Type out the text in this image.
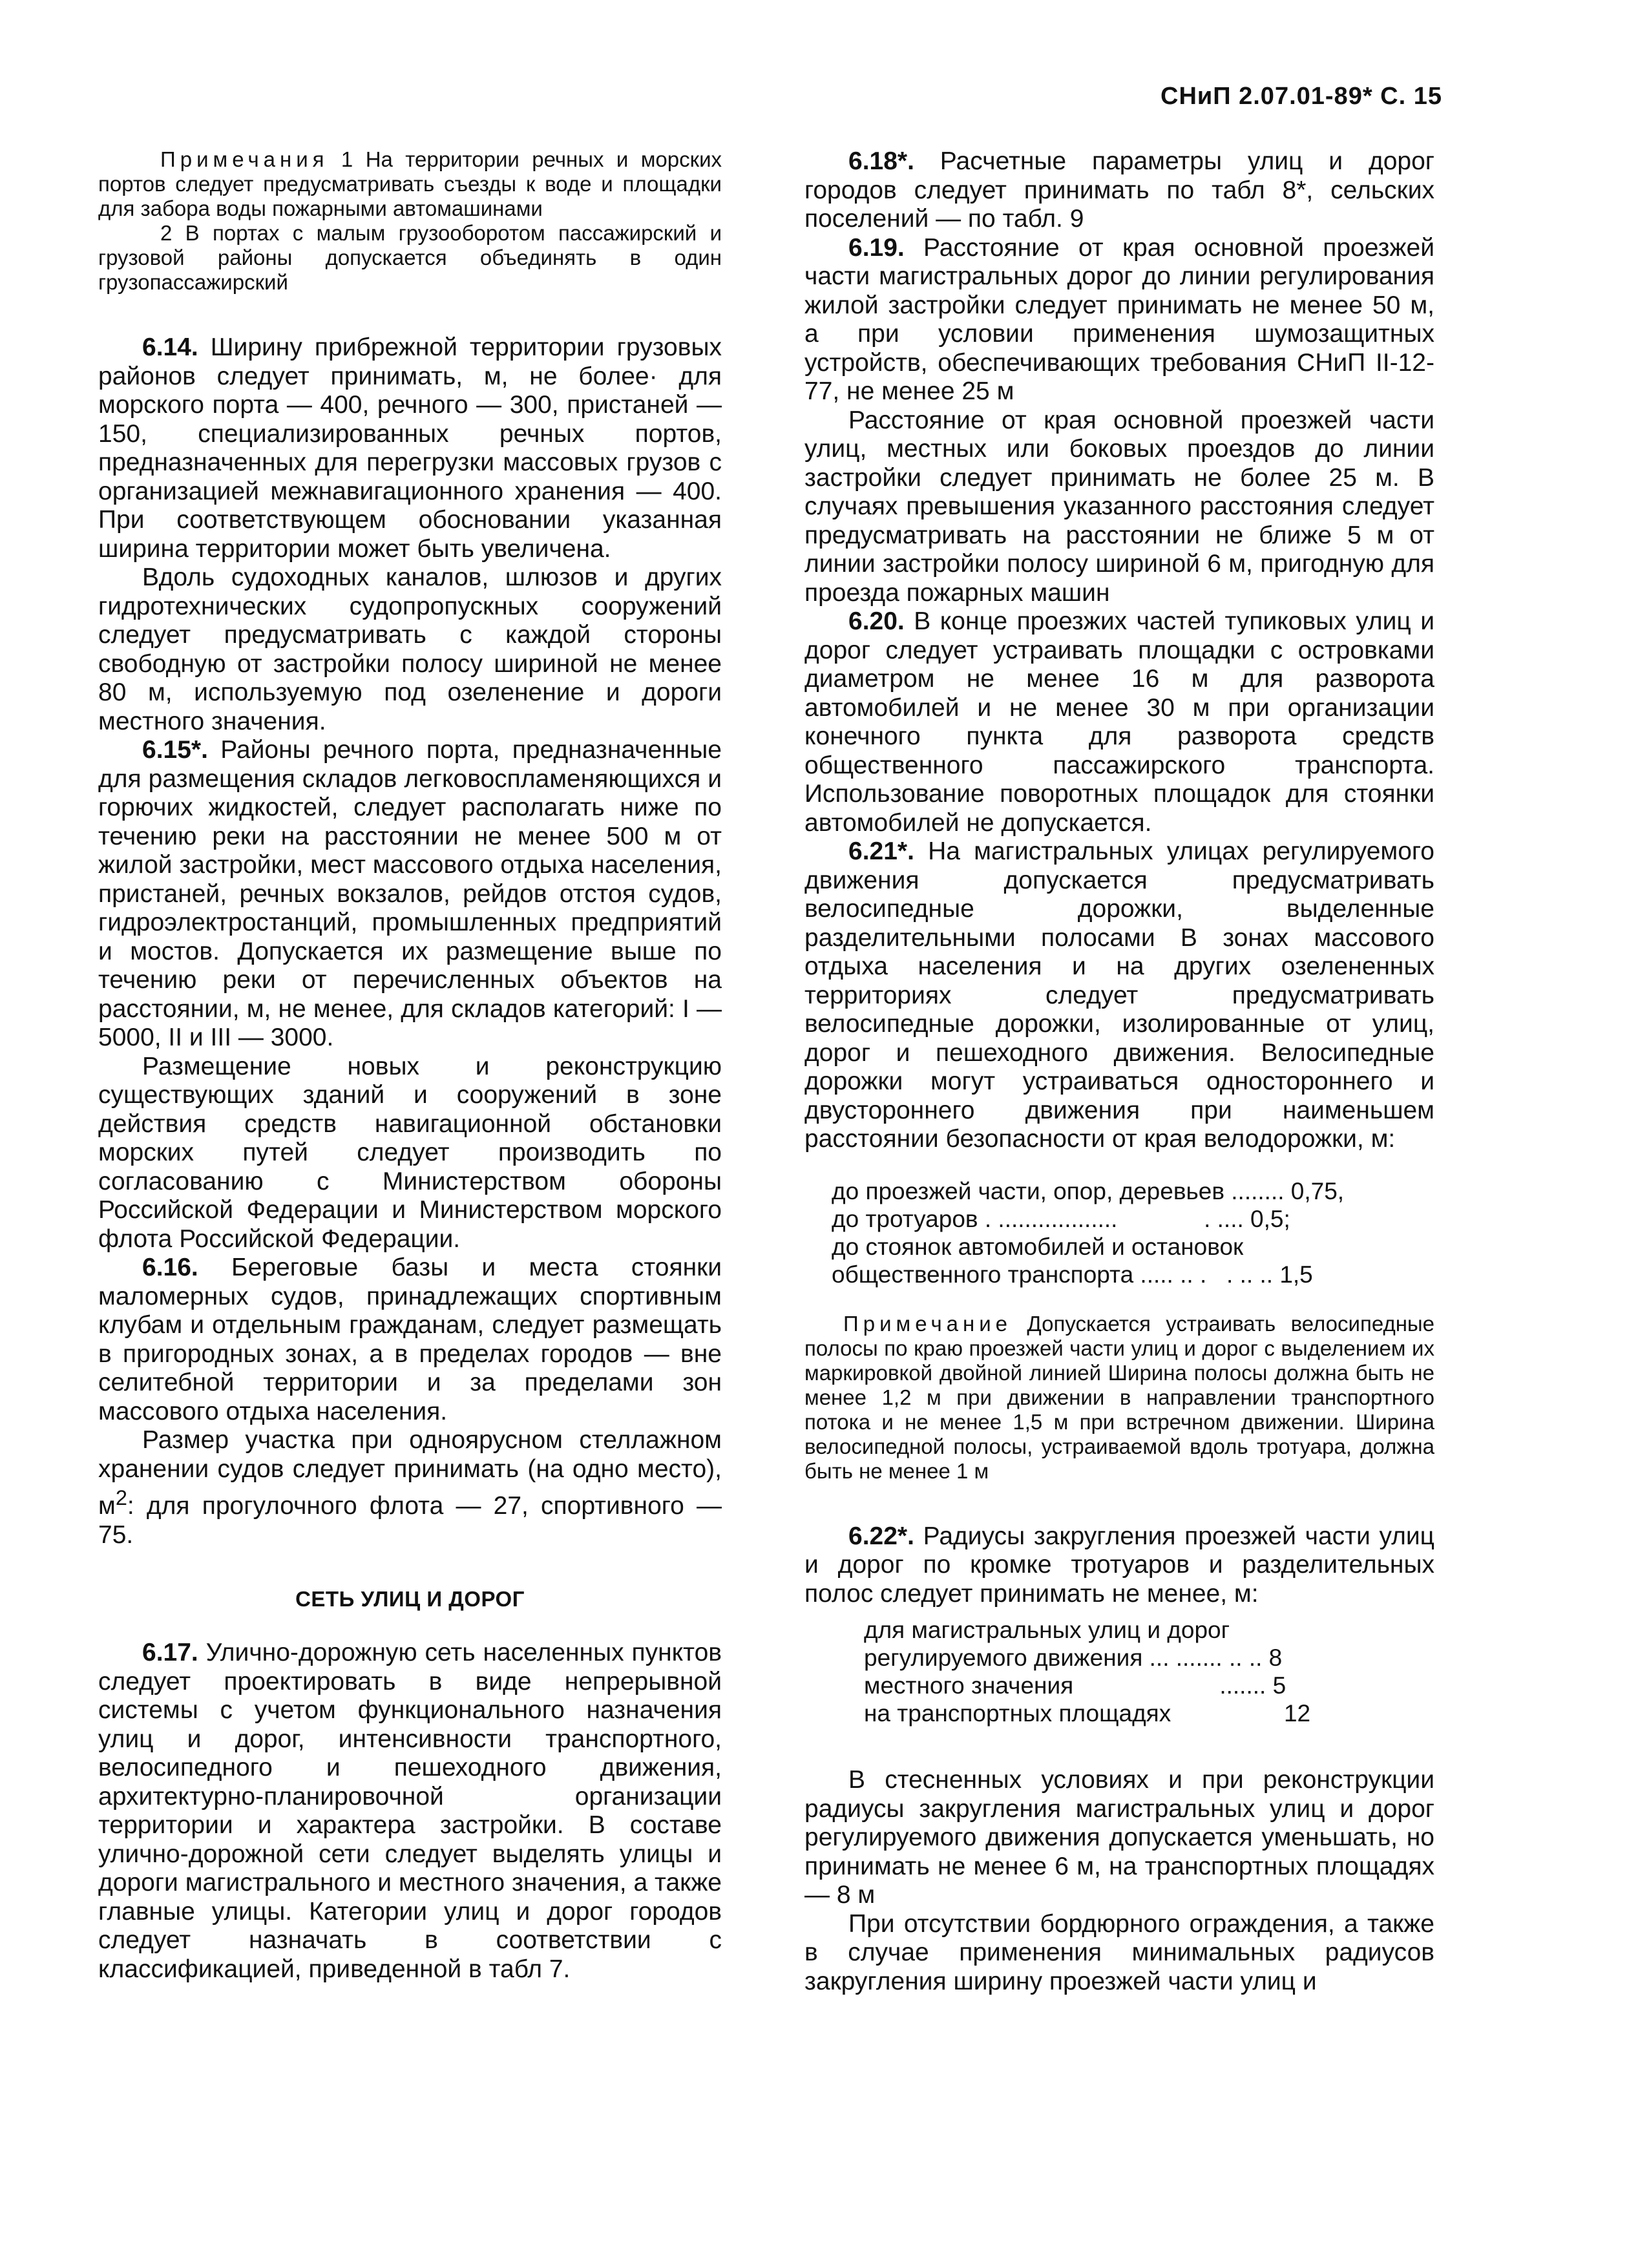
СНиП 2.07.01-89* С. 15

Примечания 1 На территории речных и морских портов следует предусматривать съезды к воде и площадки для забора воды пожарными автомашинами

2 В портах с малым грузооборотом пассажирский и грузовой районы допускается объединять в один грузопассажирский

6.14. Ширину прибрежной территории грузовых районов следует принимать, м, не более· для морского порта — 400, речного — 300, пристаней —150, специализированных речных портов, предназначенных для перегрузки массовых грузов с организацией межнавигационного хранения — 400. При соответствующем обосновании указанная ширина территории может быть увеличена.

Вдоль судоходных каналов, шлюзов и других гидротехнических судопропускных сооружений следует предусматривать с каждой стороны свободную от застройки полосу шириной не менее 80 м, используемую под озеленение и дороги местного значения.

6.15*. Районы речного порта, предназначенные для размещения складов легковоспламеняющихся и горючих жидкостей, следует располагать ниже по течению реки на расстоянии не менее 500 м от жилой застройки, мест массового отдыха населения, пристаней, речных вокзалов, рейдов отстоя судов, гидроэлектростанций, промышленных предприятий и мостов. Допускается их размещение выше по течению реки от перечисленных объектов на расстоянии, м, не менее, для складов категорий: I — 5000, II и III — 3000.

Размещение новых и реконструкцию существующих зданий и сооружений в зоне действия средств навигационной обстановки морских путей следует производить по согласованию с Министерством обороны Российской Федерации и Министерством морского флота Российской Федерации.

6.16. Береговые базы и места стоянки маломерных судов, принадлежащих спортивным клубам и отдельным гражданам, следует размещать в пригородных зонах, а в пределах городов — вне селитебной территории и за пределами зон массового отдыха населения.

Размер участка при одноярусном стеллажном хранении судов следует принимать (на одно место), $м^2$: для прогулочного флота — 27, спортивного — 75.

СЕТЬ УЛИЦ И ДОРОГ

6.17. Улично-дорожную сеть населенных пунктов следует проектировать в виде непрерывной системы с учетом функционального назначения улиц и дорог, интенсивности транспортного, велосипедного и пешеходного движения, архитектурно-планировочной организации территории и характера застройки. В составе улично-дорожной сети следует выделять улицы и дороги магистрального и местного значения, а также главные улицы. Категории улиц и дорог городов следует назначать в соответствии с классификацией, приведенной в табл 7.

6.18*. Расчетные параметры улиц и дорог городов следует принимать по табл 8*, сельских поселений — по табл. 9

6.19. Расстояние от края основной проезжей части магистральных дорог до линии регулирования жилой застройки следует принимать не менее 50 м, а при условии применения шумозащитных устройств, обеспечивающих требования СНиП II-12-77, не менее 25 м

Расстояние от края основной проезжей части улиц, местных или боковых проездов до линии застройки следует принимать не более 25 м. В случаях превышения указанного расстояния следует предусматривать на расстоянии не ближе 5 м от линии застройки полосу шириной 6 м, пригодную для проезда пожарных машин

6.20. В конце проезжих частей тупиковых улиц и дорог следует устраивать площадки с островками диаметром не менее 16 м для разворота автомобилей и не менее 30 м при организации конечного пункта для разворота средств общественного пассажирского транспорта. Использование поворотных площадок для стоянки автомобилей не допускается.

6.21*. На магистральных улицах регулируемого движения допускается предусматривать велосипедные дорожки, выделенные разделительными полосами В зонах массового отдыха населения и на других озелененных территориях следует предусматривать велосипедные дорожки, изолированные от улиц, дорог и пешеходного движения. Велосипедные дорожки могут устраиваться одностороннего и двустороннего движения при наименьшем расстоянии безопасности от края велодорожки, м:

до проезжей части, опор, деревьев ........ 0,75,
до тротуаров . ..................             . .... 0,5;
до стоянок автомобилей и остановок
общественного транспорта ..... .. .   . .. .. 1,5

Примечание Допускается устраивать велосипедные полосы по краю проезжей части улиц и дорог с выделением их маркировкой двойной линией Ширина полосы должна быть не менее 1,2 м при движении в направлении транспортного потока и не менее 1,5 м при встречном движении. Ширина велосипедной полосы, устраиваемой вдоль тротуара, должна быть не менее 1 м

6.22*. Радиусы закругления проезжей части улиц и дорог по кромке тротуаров и разделительных полос следует принимать не менее, м:

для магистральных улиц и дорог
регулируемого движения ... ....... .. .. 8
местного значения                      ....... 5
на транспортных площадях 12

В стесненных условиях и при реконструкции радиусы закругления магистральных улиц и дорог регулируемого движения допускается уменьшать, но принимать не менее 6 м, на транспортных площадях — 8 м

При отсутствии бордюрного ограждения, а также в случае применения минимальных радиусов закругления ширину проезжей части улиц и
